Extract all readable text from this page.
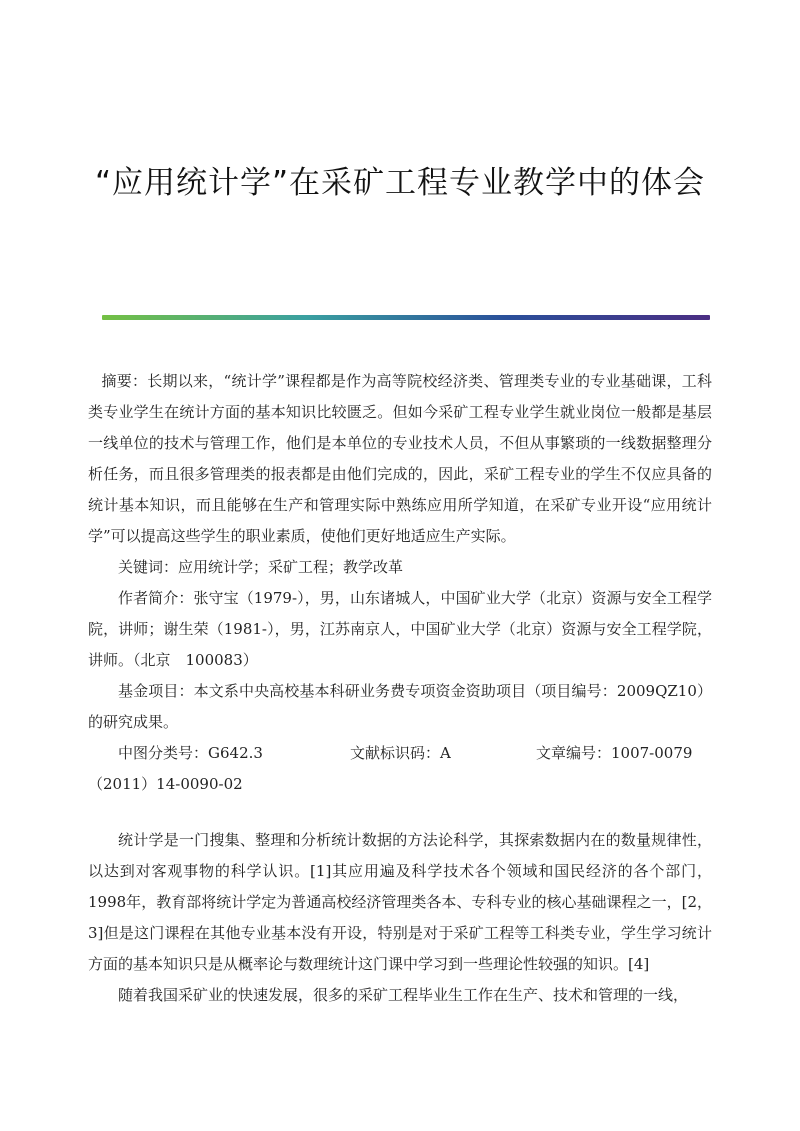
“应用统计学”在采矿工程专业教学中的体会

摘要：长期以来，“统计学”课程都是作为高等院校经济类、管理类专业的专业基础课，工科类专业学生在统计方面的基本知识比较匮乏。但如今采矿工程专业学生就业岗位一般都是基层一线单位的技术与管理工作，他们是本单位的专业技术人员，不但从事繁琐的一线数据整理分析任务，而且很多管理类的报表都是由他们完成的，因此，采矿工程专业的学生不仅应具备的统计基本知识，而且能够在生产和管理实际中熟练应用所学知道，在采矿专业开设“应用统计学”可以提高这些学生的职业素质，使他们更好地适应生产实际。

关键词：应用统计学；采矿工程；教学改革

作者简介：张守宝（1979-），男，山东诸城人，中国矿业大学（北京）资源与安全工程学院，讲师；谢生荣（1981-），男，江苏南京人，中国矿业大学（北京）资源与安全工程学院，讲师。（北京　100083）

基金项目：本文系中央高校基本科研业务费专项资金资助项目（项目编号：2009QZ10）的研究成果。

中图分类号：G642.3	文献标识码：A	文章编号：1007-0079

（2011）14-0090-02

统计学是一门搜集、整理和分析统计数据的方法论科学，其探索数据内在的数量规律性，以达到对客观事物的科学认识。[1]其应用遍及科学技术各个领域和国民经济的各个部门，1998年，教育部将统计学定为普通高校经济管理类各本、专科专业的核心基础课程之一，[2，3]但是这门课程在其他专业基本没有开设，特别是对于采矿工程等工科类专业，学生学习统计方面的基本知识只是从概率论与数理统计这门课中学习到一些理论性较强的知识。[4]

随着我国采矿业的快速发展，很多的采矿工程毕业生工作在生产、技术和管理的一线，
